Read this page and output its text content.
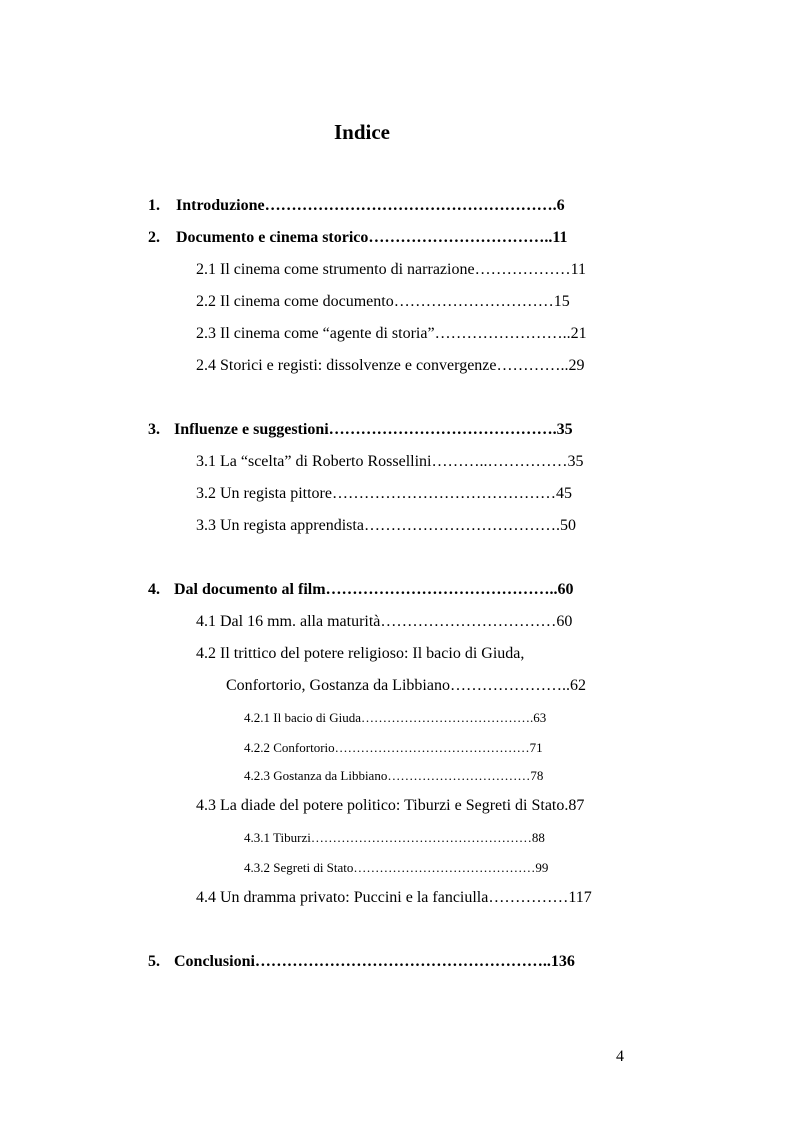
Indice
1. Introduzione……………………………………………….6
2. Documento e cinema storico……………………………..11
2.1 Il cinema come strumento di narrazione………………11
2.2 Il cinema come documento…………………………15
2.3 Il cinema come “agente di storia”……………………..21
2.4 Storici e registi: dissolvenze e convergenze…………..29
3. Influenze e suggestioni…………………………………….35
3.1 La “scelta” di Roberto Rossellini………..……………35
3.2 Un regista pittore……………………………………45
3.3 Un regista apprendista……………………………….50
4. Dal documento al film……………………………………..60
4.1 Dal 16 mm. alla maturità……………………………60
4.2 Il trittico del potere religioso: Il bacio di Giuda,
Confortorio, Gostanza da Libbiano…………………..62
4.2.1 Il bacio di Giuda………………………………….63
4.2.2 Confortorio………………………………………71
4.2.3 Gostanza da Libbiano……………………………78
4.3 La diade del potere politico: Tiburzi e Segreti di Stato.87
4.3.1 Tiburzi……………………………………………88
4.3.2 Segreti di Stato……………………………………99
4.4 Un dramma privato: Puccini e la fanciulla……………117
5. Conclusioni………………………………………………..136
4
